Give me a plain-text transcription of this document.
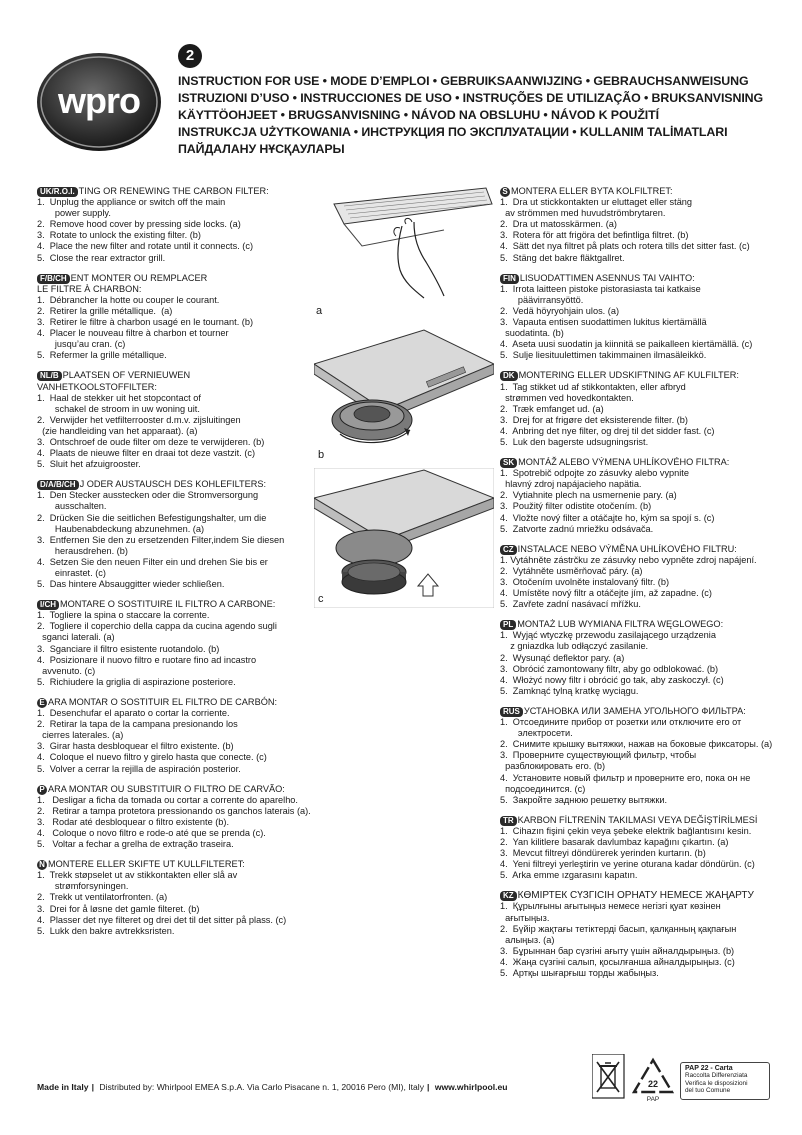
wpro
2
INSTRUCTION FOR USE • MODE D’EMPLOI • GEBRUIKSAANWIJZING • GEBRAUCHSANWEISUNG
ISTRUZIONI D’USO • INSTRUCCIONES DE USO • INSTRUÇÕES DE UTILIZAÇÃO • BRUKSANVISNING
KÄYTTÖOHJEET • BRUGSANVISNING • NÁVOD NA OBSLUHU • NÁVOD K POUŽITÍ
INSTRUKCJA UŻYTKOWANIA • ИНСТРУКЦИЯ ПО ЭКСПЛУАТАЦИИ • KULLANIM TALİMATLARI
ПАЙДАЛАНУ НҰСҚАУЛАРЫ
UK/R.O.I. TING OR RENEWING THE CARBON FILTER:
1.  Unplug the appliance or switch off the main
power supply.
2.  Remove hood cover by pressing side locks. (a)
3.  Rotate to unlock the existing filter. (b)
4.  Place the new filter and rotate until it connects. (c)
5.  Close the rear extractor grill.
F/B/CH ENT MONTER OU REMPLACER
LE FILTRE À CHARBON:
1.  Débrancher la hotte ou couper le courant.
2.  Retirer la grille métallique.  (a)
3.  Retirer le filtre à charbon usagé en le tournant. (b)
4.  Placer le nouveau filtre à charbon et tourner
jusqu’au cran. (c)
5.  Refermer la grille métallique.
NL/B PLAATSEN OF VERNIEUWEN
VANHETKOOLSTOFFILTER:
1.  Haal de stekker uit het stopcontact of
schakel de stroom in uw woning uit.
2.  Verwijder het vetfilterrooster d.m.v. zijsluitingen
(zie handleiding van het apparaat). (a)
3.  Ontschroef de oude filter om deze te verwijderen. (b)
4.  Plaats de nieuwe filter en draai tot deze vastzit. (c)
5.  Sluit het afzuigrooster.
D/A/B/CH J ODER AUSTAUSCH DES KOHLEFILTERS:
1.  Den Stecker ausstecken oder die Stromversorgung
ausschalten.
2.  Drücken Sie die seitlichen Befestigungshalter, um die
Haubenabdeckung abzunehmen. (a)
3.  Entfernen Sie den zu ersetzenden Filter,indem Sie diesen
herausdrehen. (b)
4.  Setzen Sie den neuen Filter ein und drehen Sie bis er
einrastet. (c)
5.  Das hintere Absauggitter wieder schließen.
I/CH MONTARE O SOSTITUIRE IL FILTRO A CARBONE:
1.  Togliere la spina o staccare la corrente.
2.  Togliere il coperchio della cappa da cucina agendo sugli
sganci laterali. (a)
3.  Sganciare il filtro esistente ruotandolo. (b)
4.  Posizionare il nuovo filtro e ruotare fino ad incastro
avvenuto. (c)
5.  Richiudere la griglia di aspirazione posteriore.
E ARA MONTAR O SOSTITUIR EL FILTRO DE CARBÓN:
1.  Desenchufar el aparato o cortar la corriente.
2.  Retirar la tapa de la campana presionando los
cierres laterales. (a)
3.  Girar hasta desbloquear el filtro existente. (b)
4.  Coloque el nuevo filtro y girelo hasta que conecte. (c)
5.  Volver a cerrar la rejilla de aspiración posterior.
P ARA MONTAR OU SUBSTITUIR O FILTRO DE CARVÃO:
1.   Desligar a ficha da tomada ou cortar a corrente do aparelho.
2.   Retirar a tampa protetora pressionando os ganchos laterais (a).
3.   Rodar até desbloquear o filtro existente (b).
4.   Coloque o novo filtro e rode-o até que se prenda (c).
5.   Voltar a fechar a grelha de extração traseira.
N MONTERE ELLER SKIFTE UT KULLFILTERET:
1.  Trekk støpselet ut av stikkontakten eller slå av
strømforsyningen.
2.  Trekk ut ventilatorfronten. (a)
3.  Drei for å løsne det gamle filteret. (b)
4.  Plasser det nye filteret og drei det til det sitter på plass. (c)
5.  Lukk den bakre avtrekksristen.
a
b
c
S MONTERA ELLER BYTA KOLFILTRET:
1.  Dra ut stickkontakten ur eluttaget eller stäng
av strömmen med huvudströmbrytaren.
2.  Dra ut matosskärmen. (a)
3.  Rotera för att frigöra det befintliga filtret. (b)
4.  Sätt det nya filtret på plats och rotera tills det sitter fast. (c)
5.  Stäng det bakre fläktgallret.
FIN LISUODATTIMEN ASENNUS TAI VAIHTO:
1.  Irrota laitteen pistoke pistorasiasta tai katkaise
päävirransyöttö.
2.  Vedä höyryohjain ulos. (a)
3.  Vapauta entisen suodattimen lukitus kiertämällä
suodatinta. (b)
4.  Aseta uusi suodatin ja kiinnitä se paikalleen kiertämällä. (c)
5.  Sulje liesituulettimen takimmainen ilmasäleikkö.
DK MONTERING ELLER UDSKIFTNING AF KULFILTER:
1.  Tag stikket ud af stikkontakten, eller afbryd
strømmen ved hovedkontakten.
2.  Træk emfanget ud. (a)
3.  Drej for at frigøre det eksisterende filter. (b)
4.  Anbring det nye filter, og drej til det sidder fast. (c)
5.  Luk den bagerste udsugningsrist.
SK MONTÁŽ ALEBO VÝMENA UHLÍKOVÉHO FILTRA:
1.  Spotrebič odpojte zo zásuvky alebo vypnite
hlavný zdroj napájacieho napätia.
2.  Vytiahnite plech na usmernenie pary. (a)
3.  Použitý filter odistite otočením. (b)
4.  Vložte nový filter a otáčajte ho, kým sa spojí s. (c)
5.  Zatvorte zadnú mriežku odsávača.
CZ INSTALACE NEBO VÝMĚNA UHLÍKOVÉHO FILTRU:
1. Vytáhněte zástrčku ze zásuvky nebo vypněte zdroj napájení.
2.  Vytáhněte usměrňovač páry. (a)
3.  Otočením uvolněte instalovaný filtr. (b)
4.  Umístěte nový filtr a otáčejte jím, až zapadne. (c)
5.  Zavřete zadní nasávací mřížku.
PL MONTAŻ LUB WYMIANA FILTRA WĘGLOWEGO:
1.  Wyjąć wtyczkę przewodu zasilającego urządzenia
z gniazdka lub odłączyć zasilanie.
2.  Wysunąć deflektor pary. (a)
3.  Obrócić zamontowany filtr, aby go odblokować. (b)
4.  Włożyć nowy filtr i obrócić go tak, aby zaskoczył. (c)
5.  Zamknąć tylną kratkę wyciągu.
RUS УСТАНОВКА ИЛИ ЗАМЕНА УГОЛЬНОГО ФИЛЬТРА:
1.  Отсоедините прибор от розетки или отключите его от
электросети.
2.  Снимите крышку вытяжки, нажав на боковые фиксаторы. (a)
3.  Проверните существующий фильтр, чтобы
разблокировать его. (b)
4.  Установите новый фильтр и проверните его, пока он не
подсоединится. (c)
5.  Закройте заднюю решетку вытяжки.
TR KARBON FİLTRENİN TAKILMASI VEYA DEĞİŞTİRİLMESİ
1.  Cihazın fişini çekin veya şebeke elektrik bağlantısını kesin.
2.  Yan kilitlere basarak davlumbaz kapağını çıkartın. (a)
3.  Mevcut filtreyi döndürerek yerinden kurtarın. (b)
4.  Yeni filtreyi yerleştirin ve yerine oturana kadar döndürün. (c)
5.  Arka emme ızgarasını kapatın.
KZ КӨМІРТЕК СҮЗГІСІН ОРНАТУ НЕМЕСЕ ЖАҢАРТУ
1.  Құрылғыны ағытыңыз немесе негізгі қуат көзінен
ағытыңыз.
2.  Бүйір жақтағы тетіктерді басып, қалқанның қақпағын
алыңыз. (a)
3.  Бұрыннан бар сүзгіні ағыту үшін айналдырыңыз. (b)
4.  Жаңа сүзгіні салып, қосылғанша айналдырыңыз. (c)
5.  Артқы шығарғыш торды жабыңыз.
Made in Italy | Distributed by: Whirlpool EMEA S.p.A. Via Carlo Pisacane n. 1, 20016 Pero (MI), Italy | www.whirlpool.eu	22
PAP
PAP 22 - Carta
Raccolta Differenziata
Verifica le disposizioni
del tuo Comune
